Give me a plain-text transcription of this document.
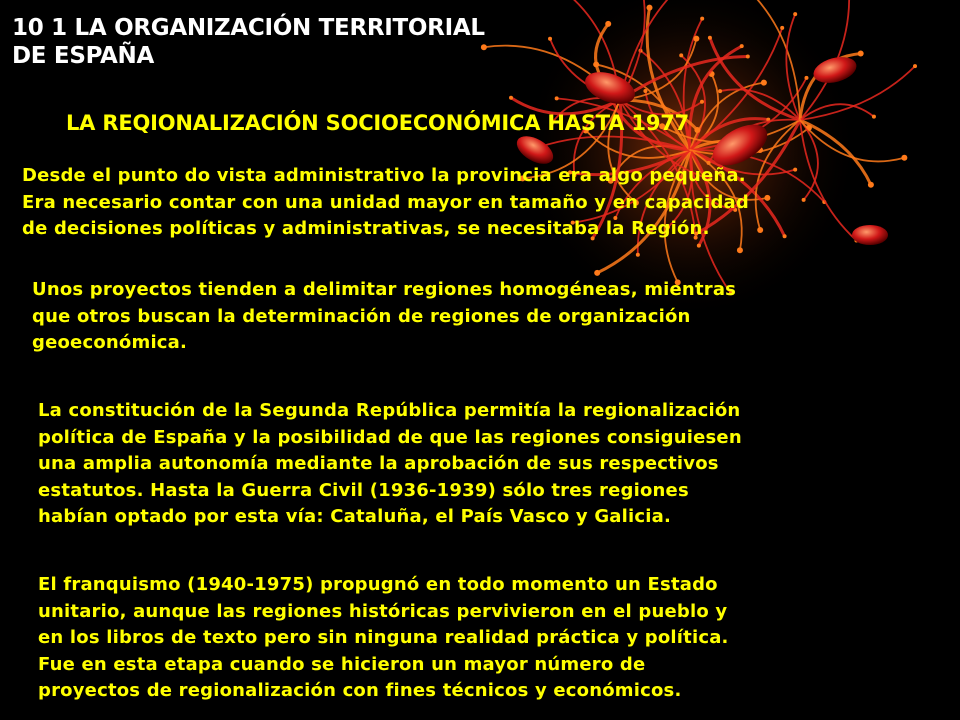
10 1 LA ORGANIZACIÓN TERRITORIAL
DE ESPAÑA
LA REQIONALIZACIÓN SOCIOECONÓMICA HASTA 1977
Desde el punto do vista administrativo la provincia era algo pequeña.
Era necesario contar con una unidad mayor en tamaño y en capacidad
de decisiones políticas y administrativas, se necesitaba la Región.
Unos proyectos tienden a delimitar regiones homogéneas, mientras
que otros buscan la determinación de regiones de organización
geoeconómica.
La constitución de la Segunda República permitía la regionalización
política de España y la posibilidad de que las regiones consiguiesen
una amplia autonomía mediante la aprobación de sus respectivos
estatutos. Hasta la Guerra Civil (1936-1939) sólo tres regiones
habían optado por esta vía: Cataluña, el País Vasco y Galicia.
El franquismo (1940-1975) propugnó en todo momento un Estado
unitario, aunque las regiones históricas pervivieron en el pueblo y
en los libros de texto pero sin ninguna realidad práctica y política.
Fue en esta etapa cuando se hicieron un mayor número de
proyectos de regionalización con fines técnicos y económicos.
